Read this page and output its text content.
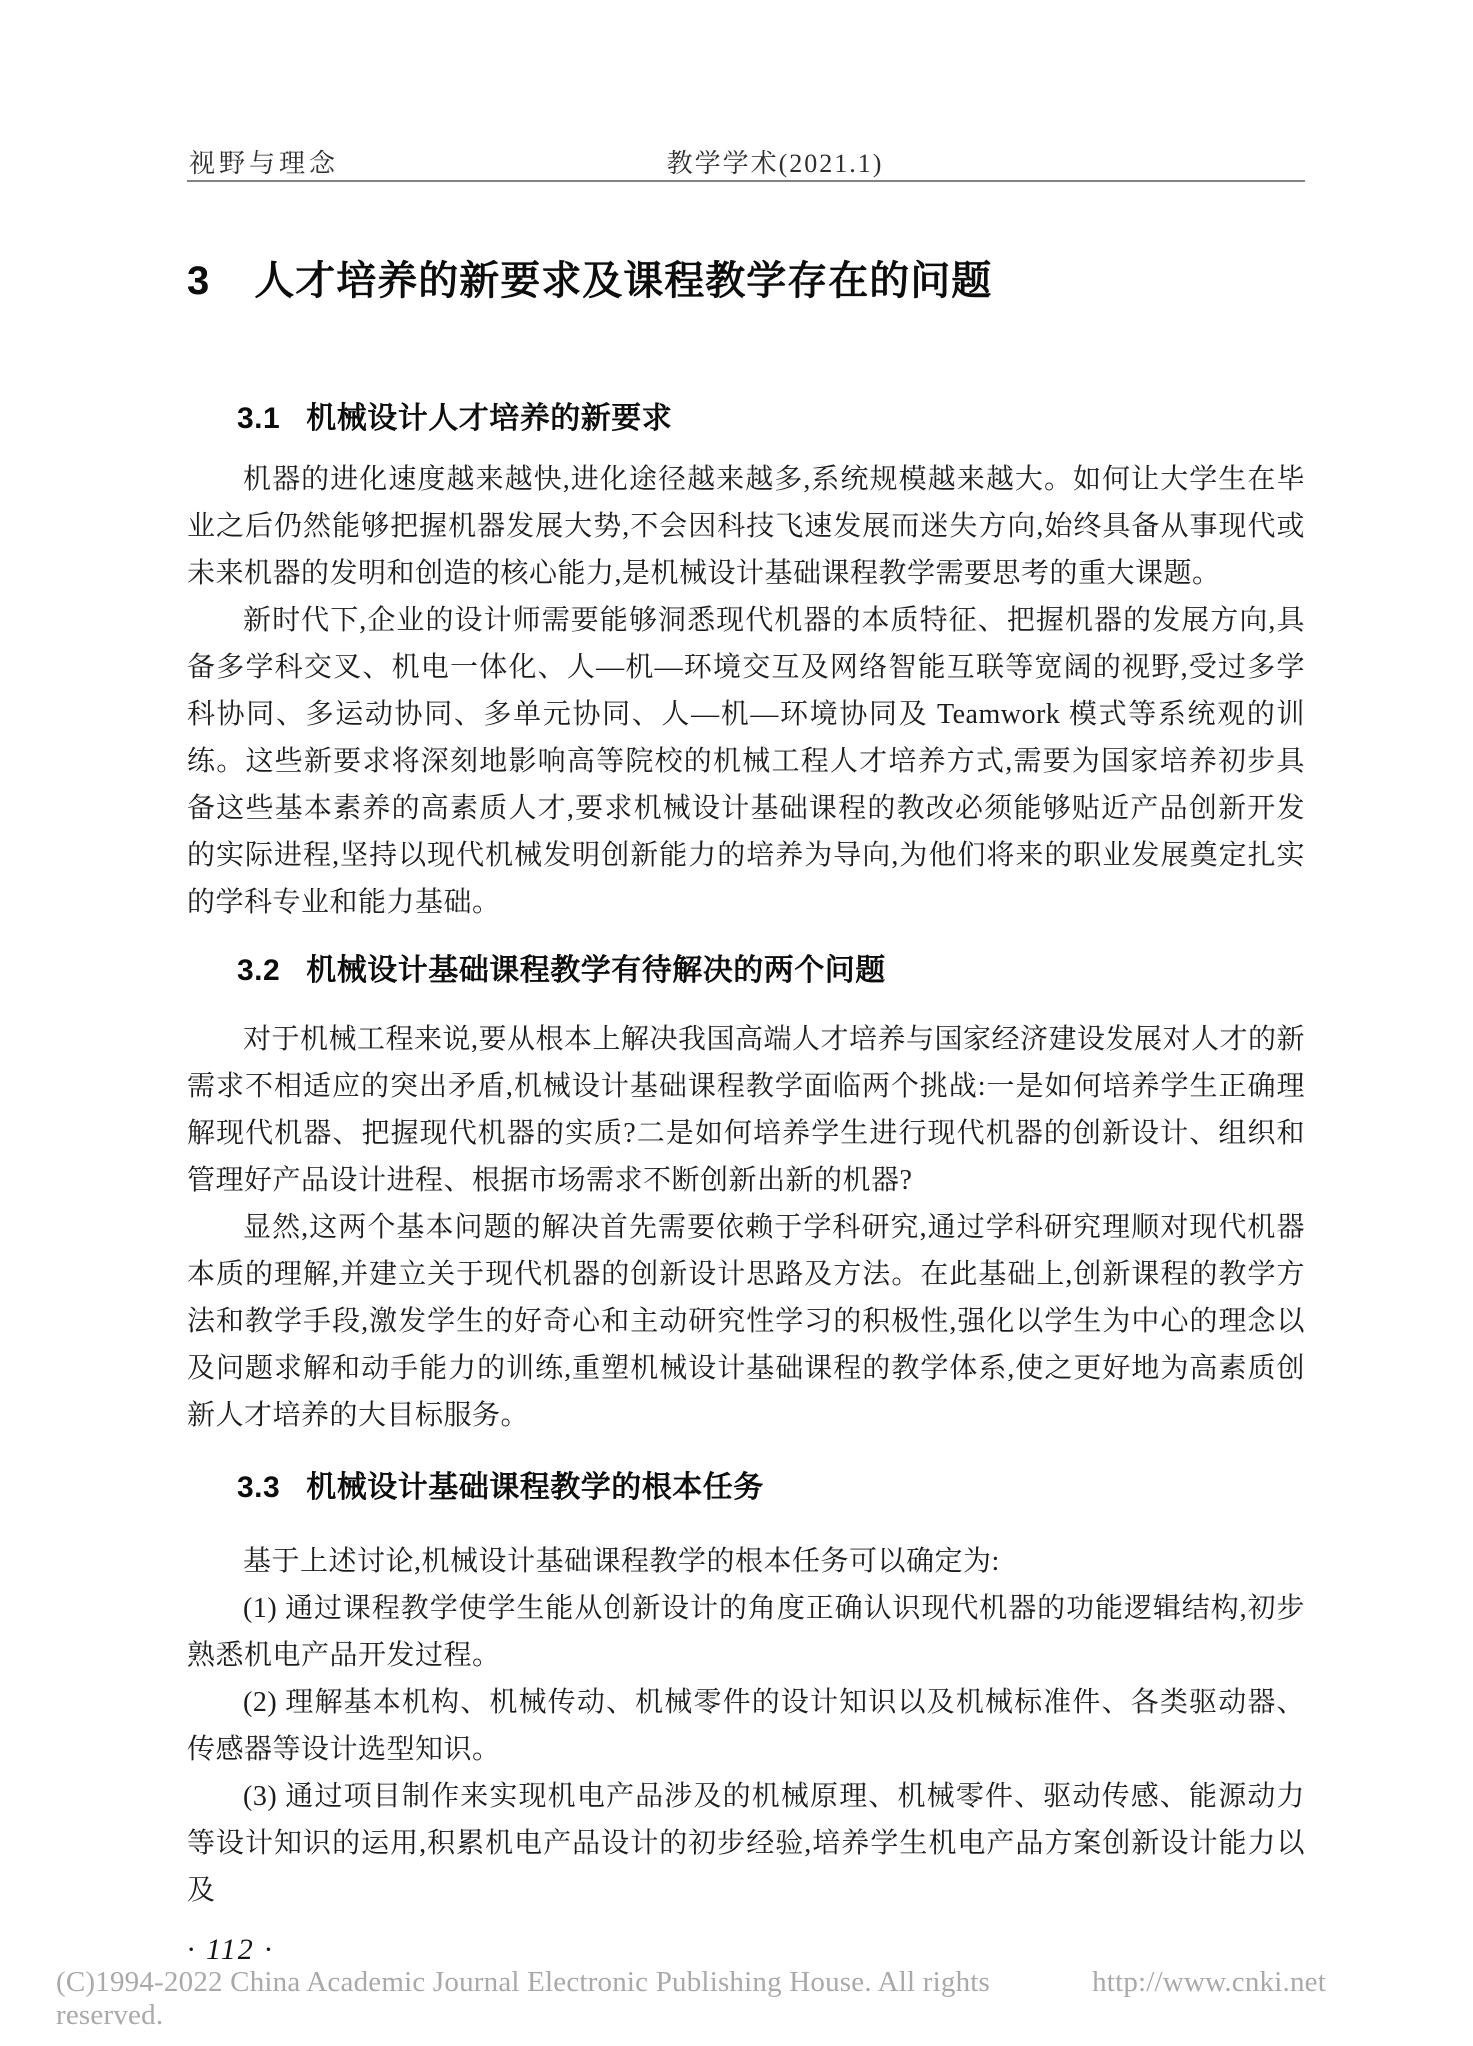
视野与理念	教学学术(2021.1)
3 人才培养的新要求及课程教学存在的问题
3.1 机械设计人才培养的新要求

机器的进化速度越来越快,进化途径越来越多,系统规模越来越大。如何让大学生在毕业之后仍然能够把握机器发展大势,不会因科技飞速发展而迷失方向,始终具备从事现代或未来机器的发明和创造的核心能力,是机械设计基础课程教学需要思考的重大课题。

新时代下,企业的设计师需要能够洞悉现代机器的本质特征、把握机器的发展方向,具备多学科交叉、机电一体化、人—机—环境交互及网络智能互联等宽阔的视野,受过多学科协同、多运动协同、多单元协同、人—机—环境协同及 Teamwork 模式等系统观的训练。这些新要求将深刻地影响高等院校的机械工程人才培养方式,需要为国家培养初步具备这些基本素养的高素质人才,要求机械设计基础课程的教改必须能够贴近产品创新开发的实际进程,坚持以现代机械发明创新能力的培养为导向,为他们将来的职业发展奠定扎实的学科专业和能力基础。

3.2 机械设计基础课程教学有待解决的两个问题

对于机械工程来说,要从根本上解决我国高端人才培养与国家经济建设发展对人才的新需求不相适应的突出矛盾,机械设计基础课程教学面临两个挑战:一是如何培养学生正确理解现代机器、把握现代机器的实质?二是如何培养学生进行现代机器的创新设计、组织和管理好产品设计进程、根据市场需求不断创新出新的机器?

显然,这两个基本问题的解决首先需要依赖于学科研究,通过学科研究理顺对现代机器本质的理解,并建立关于现代机器的创新设计思路及方法。在此基础上,创新课程的教学方法和教学手段,激发学生的好奇心和主动研究性学习的积极性,强化以学生为中心的理念以及问题求解和动手能力的训练,重塑机械设计基础课程的教学体系,使之更好地为高素质创新人才培养的大目标服务。

3.3 机械设计基础课程教学的根本任务

基于上述讨论,机械设计基础课程教学的根本任务可以确定为:

(1) 通过课程教学使学生能从创新设计的角度正确认识现代机器的功能逻辑结构,初步熟悉机电产品开发过程。

(2) 理解基本机构、机械传动、机械零件的设计知识以及机械标准件、各类驱动器、传感器等设计选型知识。

(3) 通过项目制作来实现机电产品涉及的机械原理、机械零件、驱动传感、能源动力等设计知识的运用,积累机电产品设计的初步经验,培养学生机电产品方案创新设计能力以及

· 112 ·
(C)1994-2022 China Academic Journal Electronic Publishing House. All rights reserved.
http://www.cnki.net
